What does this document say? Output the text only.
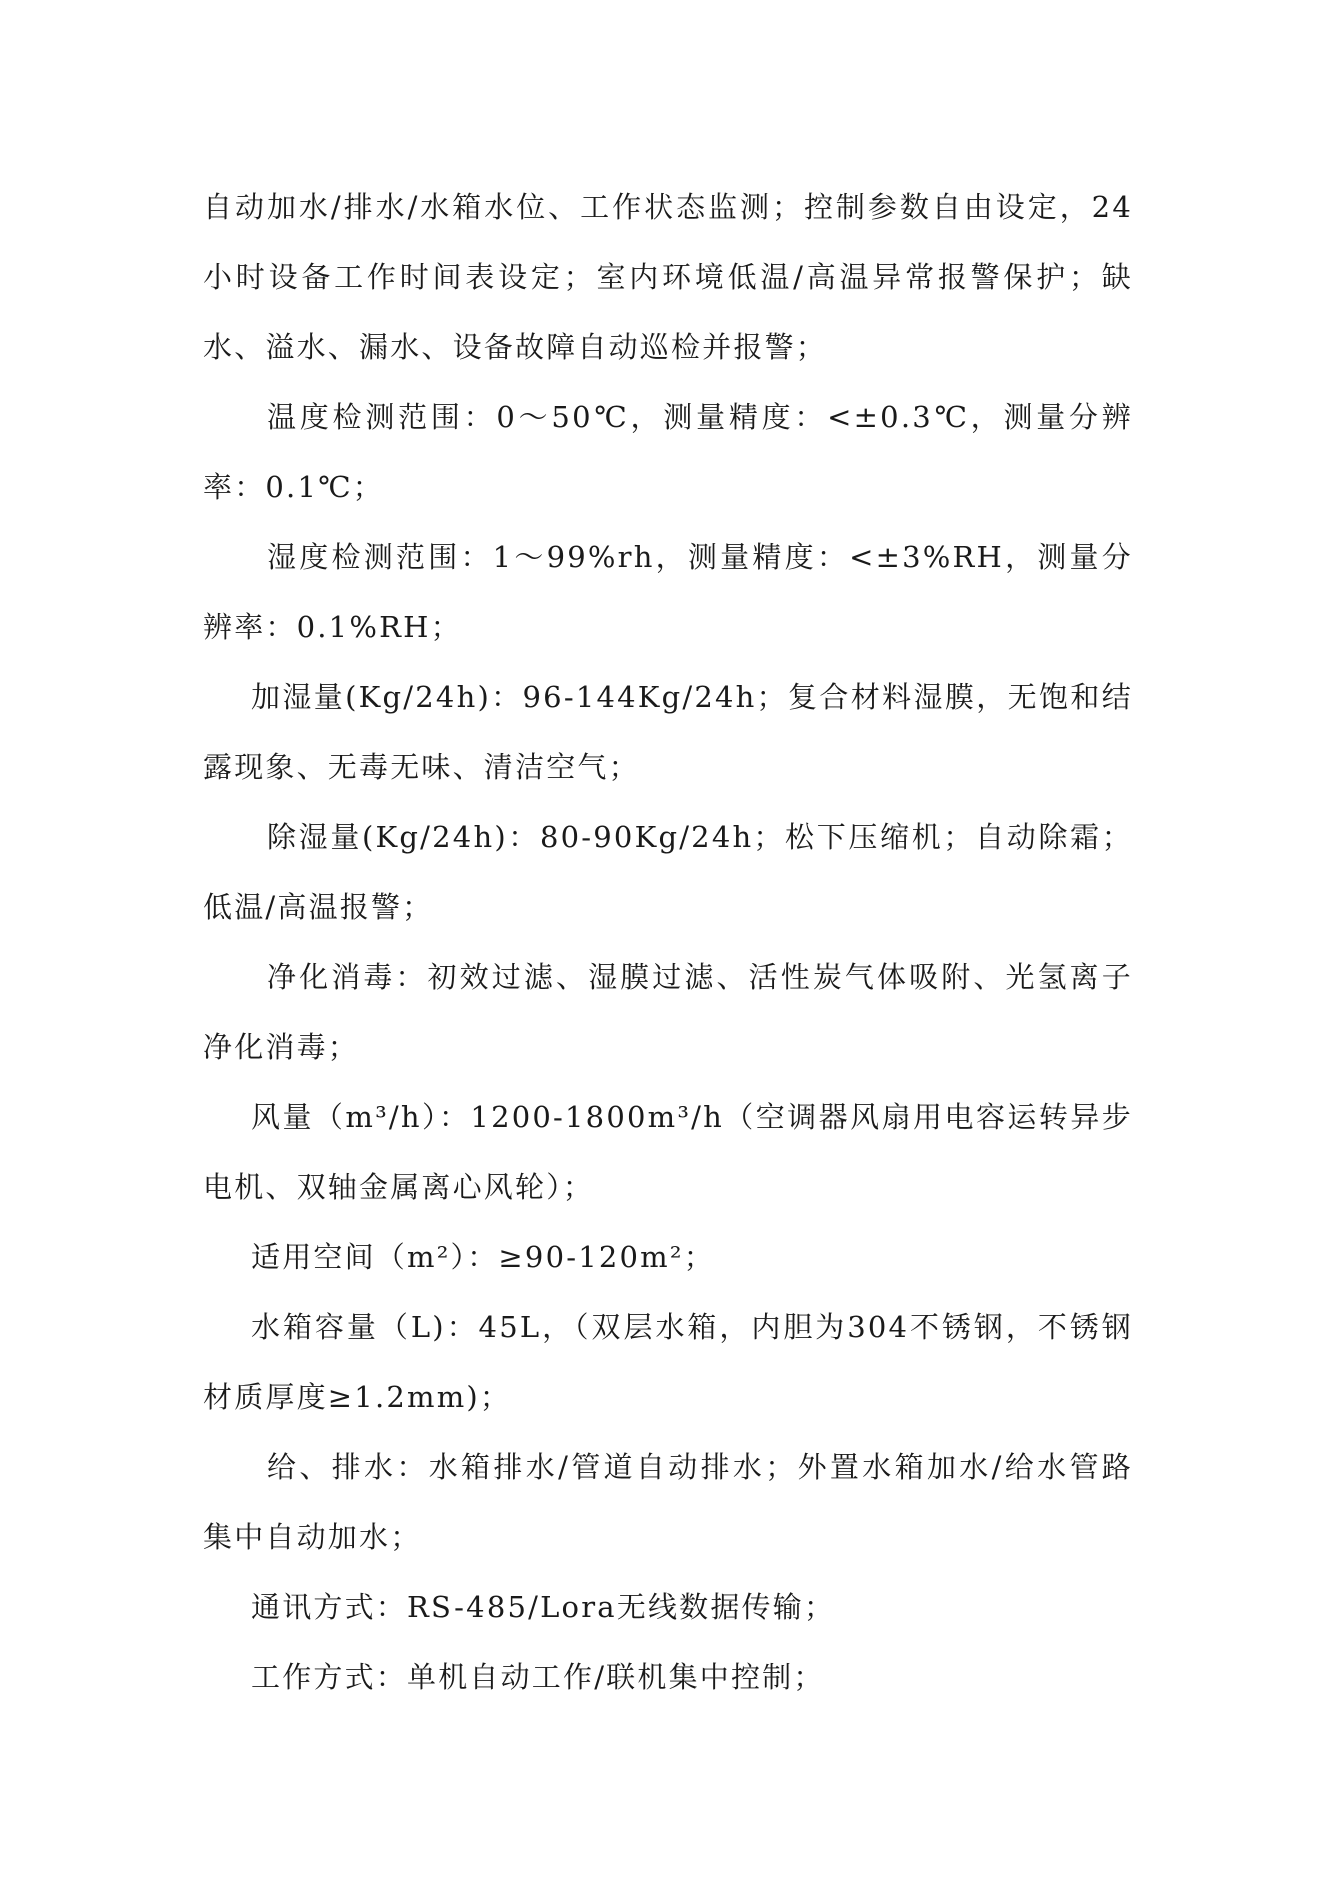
自动加水/排水/水箱水位、工作状态监测；控制参数自由设定，24小时设备工作时间表设定；室内环境低温/高温异常报警保护；缺水、溢水、漏水、设备故障自动巡检并报警；

温度检测范围：0～50℃，测量精度：<±0.3℃，测量分辨率：0.1℃；

湿度检测范围：1～99%rh，测量精度：<±3%RH，测量分辨率：0.1%RH；

加湿量(Kg/24h)：96-144Kg/24h；复合材料湿膜，无饱和结露现象、无毒无味、清洁空气；

除湿量(Kg/24h)：80-90Kg/24h；松下压缩机；自动除霜；低温/高温报警；

净化消毒：初效过滤、湿膜过滤、活性炭气体吸附、光氢离子净化消毒；

风量（m³/h）：1200-1800m³/h（空调器风扇用电容运转异步电机、双轴金属离心风轮）；

适用空间（m²）：≥90-120m²；

水箱容量（L)：45L，（双层水箱，内胆为304不锈钢，不锈钢材质厚度≥1.2mm)；

给、排水：水箱排水/管道自动排水；外置水箱加水/给水管路集中自动加水；

通讯方式：RS-485/Lora无线数据传输；

工作方式：单机自动工作/联机集中控制；
